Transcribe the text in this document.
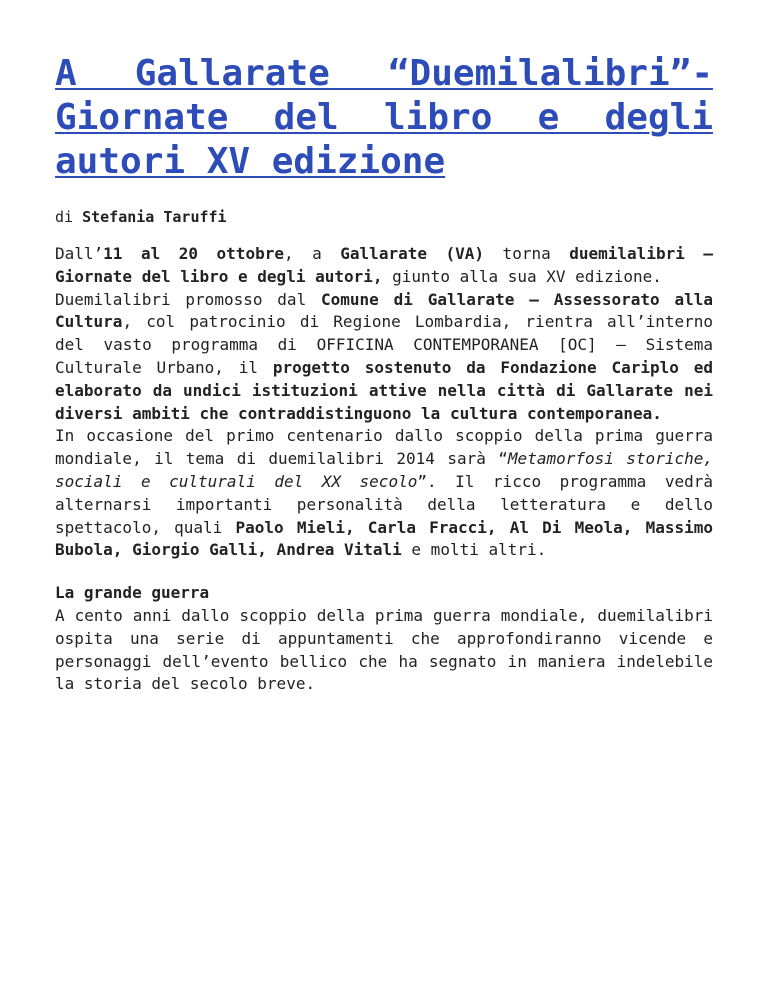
A Gallarate “Duemilalibri”- Giornate del libro e degli autori XV edizione
di Stefania Taruffi

Dall’11 al 20 ottobre, a Gallarate (VA) torna duemilalibri – Giornate del libro e degli autori, giunto alla sua XV edizione.

Duemilalibri promosso dal Comune di Gallarate – Assessorato alla Cultura, col patrocinio di Regione Lombardia, rientra all’interno del vasto programma di OFFICINA CONTEMPORANEA [OC] – Sistema Culturale Urbano, il progetto sostenuto da Fondazione Cariplo ed elaborato da undici istituzioni attive nella città di Gallarate nei diversi ambiti che contraddistinguono la cultura contemporanea.

In occasione del primo centenario dallo scoppio della prima guerra mondiale, il tema di duemilalibri 2014 sarà “Metamorfosi storiche, sociali e culturali del XX secolo”. Il ricco programma vedrà alternarsi importanti personalità della letteratura e dello spettacolo, quali Paolo Mieli, Carla Fracci, Al Di Meola, Massimo Bubola, Giorgio Galli, Andrea Vitali e molti altri.

La grande guerra

A cento anni dallo scoppio della prima guerra mondiale, duemilalibri ospita una serie di appuntamenti che approfondiranno vicende e personaggi dell’evento bellico che ha segnato in maniera indelebile la storia del secolo breve.
